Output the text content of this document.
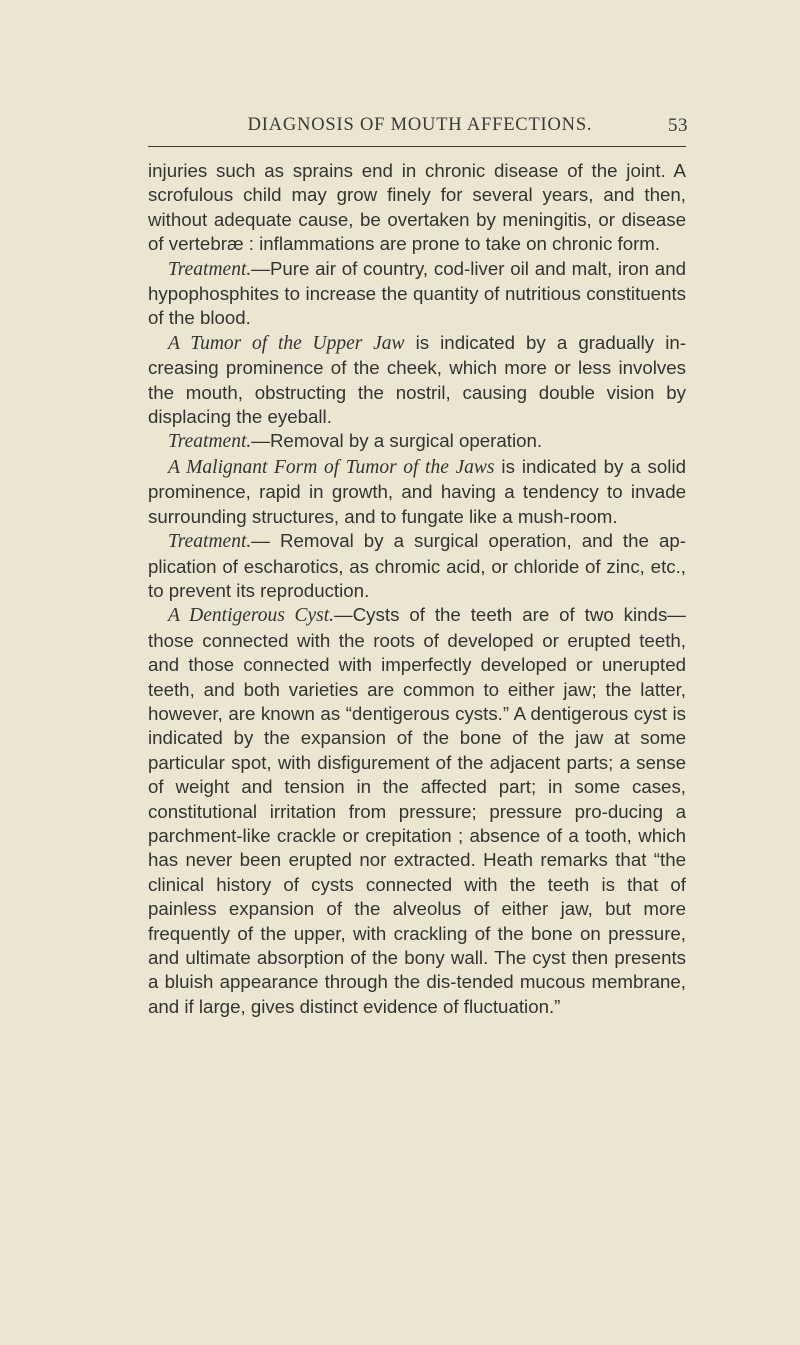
DIAGNOSIS OF MOUTH AFFECTIONS.	53

injuries such as sprains end in chronic disease of the joint. A scrofulous child may grow finely for several years, and then, without adequate cause, be overtaken by meningitis, or disease of vertebræ : inflammations are prone to take on chronic form.

Treatment.—Pure air of country, cod-liver oil and malt, iron and hypophosphites to increase the quantity of nutritious constituents of the blood.

A Tumor of the Upper Jaw is indicated by a gradually in-creasing prominence of the cheek, which more or less involves the mouth, obstructing the nostril, causing double vision by displacing the eyeball.

Treatment.—Removal by a surgical operation.

A Malignant Form of Tumor of the Jaws is indicated by a solid prominence, rapid in growth, and having a tendency to invade surrounding structures, and to fungate like a mush-room.

Treatment.— Removal by a surgical operation, and the ap-plication of escharotics, as chromic acid, or chloride of zinc, etc., to prevent its reproduction.

A Dentigerous Cyst.—Cysts of the teeth are of two kinds— those connected with the roots of developed or erupted teeth, and those connected with imperfectly developed or unerupted teeth, and both varieties are common to either jaw; the latter, however, are known as “dentigerous cysts.” A dentigerous cyst is indicated by the expansion of the bone of the jaw at some particular spot, with disfigurement of the adjacent parts; a sense of weight and tension in the affected part; in some cases, constitutional irritation from pressure; pressure pro-ducing a parchment-like crackle or crepitation ; absence of a tooth, which has never been erupted nor extracted. Heath remarks that “the clinical history of cysts connected with the teeth is that of painless expansion of the alveolus of either jaw, but more frequently of the upper, with crackling of the bone on pressure, and ultimate absorption of the bony wall. The cyst then presents a bluish appearance through the dis-tended mucous membrane, and if large, gives distinct evidence of fluctuation.”
